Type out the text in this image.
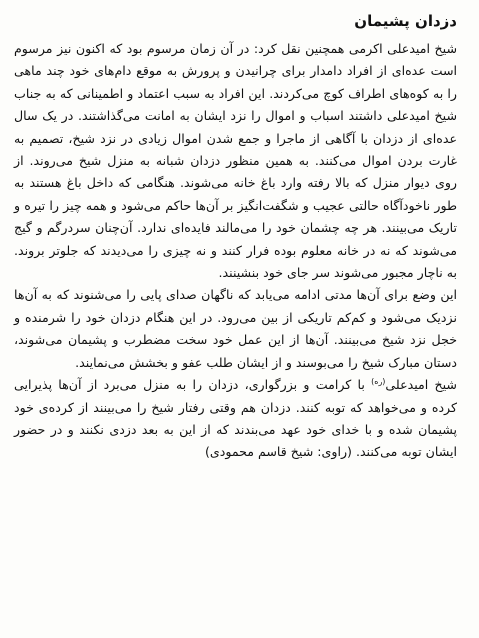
دزدان پشیمان

شیخ امیدعلی اکرمی همچنین نقل کرد: در آن زمان مرسوم بود که اکنون نیز مرسوم است عده‌ای از افراد دامدار برای چرانیدن و پرورش به موقع دام‌های خود چند ماهی را به کوه‌های اطراف کوچ می‌کردند. این افراد به سبب اعتماد و اطمینانی که به جناب شیخ امیدعلی داشتند اسباب و اموال را نزد ایشان به امانت می‌گذاشتند. در یک سال عده‌ای از دزدان با آگاهی از ماجرا و جمع شدن اموال زیادی در نزد شیخ، تصمیم به غارت بردن اموال می‌کنند. به همین منظور دزدان شبانه به منزل شیخ می‌روند. از روی دیوار منزل که بالا رفته وارد باغ خانه می‌شوند. هنگامی که داخل باغ هستند به طور ناخودآگاه حالتی عجیب و شگفت‌انگیز بر آن‌ها حاکم می‌شود و همه چیز را تیره و تاریک می‌بینند. هر چه چشمان خود را می‌مالند فایده‌ای ندارد. آن‌چنان سردرگم و گیج می‌شوند که نه در خانه معلوم بوده فرار کنند و نه چیزی را می‌دیدند که جلوتر بروند. به ناچار مجبور می‌شوند سر جای خود بنشینند.

این وضع برای آن‌ها مدتی ادامه می‌یابد که ناگهان صدای پایی را می‌شنوند که به آن‌ها نزدیک می‌شود و کم‌کم تاریکی از بین می‌رود. در این هنگام دزدان خود را شرمنده و خجل نزد شیخ می‌بینند. آن‌ها از این عمل خود سخت مضطرب و پشیمان می‌شوند، دستان مبارک شیخ را می‌بوسند و از ایشان طلب عفو و بخشش می‌نمایند.

شیخ امیدعلی$^{(ره)}$ با کرامت و بزرگواری، دزدان را به منزل می‌برد از آن‌ها پذیرایی کرده و می‌خواهد که توبه کنند. دزدان هم وقتی رفتار شیخ را می‌بینند از کرده‌ی خود پشیمان شده و با خدای خود عهد می‌بندند که از این به بعد دزدی نکنند و در حضور ایشان توبه می‌کنند. (راوی: شیخ قاسم محمودی)
